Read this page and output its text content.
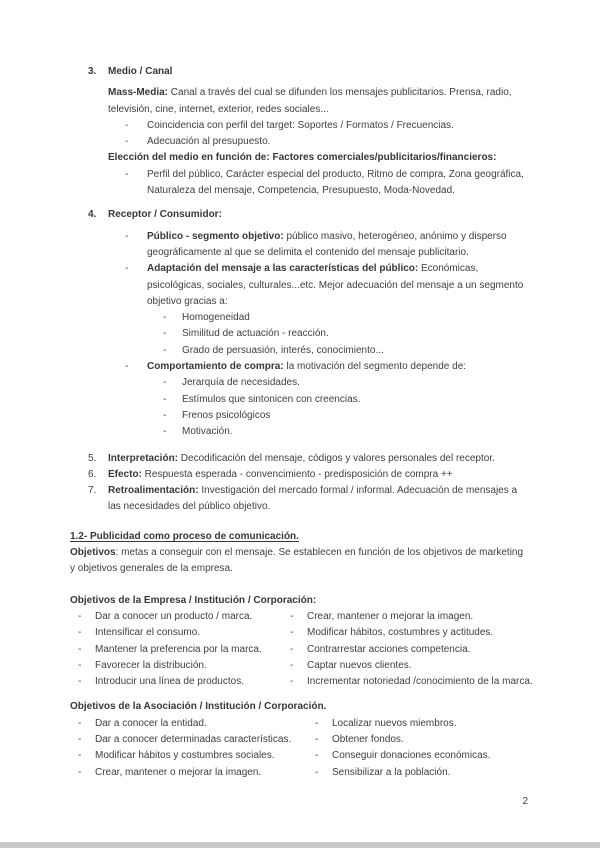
3.	Medio / Canal

Mass-Media: Canal a través del cual se difunden los mensajes publicitarios. Prensa, radio, televisión, cine, internet, exterior, redes sociales...

-	Coincidencia con perfil del target: Soportes / Formatos / Frecuencias.

-	Adecuación al presupuesto.

Elección del medio en función de: Factores comerciales/publicitarios/financieros:

-	Perfil del público, Carácter especial del producto, Ritmo de compra, Zona geográfica, Naturaleza del mensaje, Competencia, Presupuesto, Moda-Novedad.

4.	Receptor / Consumidor:
-	Público - segmento objetivo: público masivo, heterogéneo, anónimo y disperso geográficamente al que se delimita el contenido del mensaje publicitario.

-	Adaptación del mensaje a las características del público: Económicas, psicológicas, sociales, culturales...etc. Mejor adecuación del mensaje a un segmento objetivo gracias a:

-	Homogeneidad

-	Similitud de actuación - reacción.

-	Grado de persuasión, interés, conocimiento...

-	Comportamiento de compra: la motivación del segmento depende de:

-	Jerarquía de necesidades.

-	Estímulos que sintonicen con creencias.

-	Frenos psicológicos

-	Motivación.

5.	Interpretación: Decodificación del mensaje, códigos y valores personales del receptor.

6.	Efecto: Respuesta esperada - convencimiento - predisposición de compra ++

7.	Retroalimentación: Investigación del mercado formal / informal. Adecuación de mensajes a las necesidades del público objetivo.

1.2- Publicidad como proceso de comunicación.

Objetivos: metas a conseguir con el mensaje. Se establecen en función de los objetivos de marketing y objetivos generales de la empresa.

Objetivos de la Empresa / Institución / Corporación:

-	Dar a conocer un producto / marca.	-	Crear, mantener o mejorar la imagen.

-	Intensificar el consumo.	-	Modificar hábitos, costumbres y actitudes.

-	Mantener la preferencia por la marca.	-	Contrarrestar acciones competencia.

-	Favorecer la distribución.	-	Captar nuevos clientes.

-	Introducir una línea de productos.	-	Incrementar notoriedad /conocimiento de la marca.

Objetivos de la Asociación / Institución / Corporación.

-	Dar a conocer la entidad.	-	Localizar nuevos miembros.

-	Dar a conocer determinadas características.	-	Obtener fondos.

-	Modificar hábitos y costumbres sociales.	-	Conseguir donaciones económicas.

-	Crear, mantener o mejorar la imagen.	-	Sensibilizar a la población.

2
